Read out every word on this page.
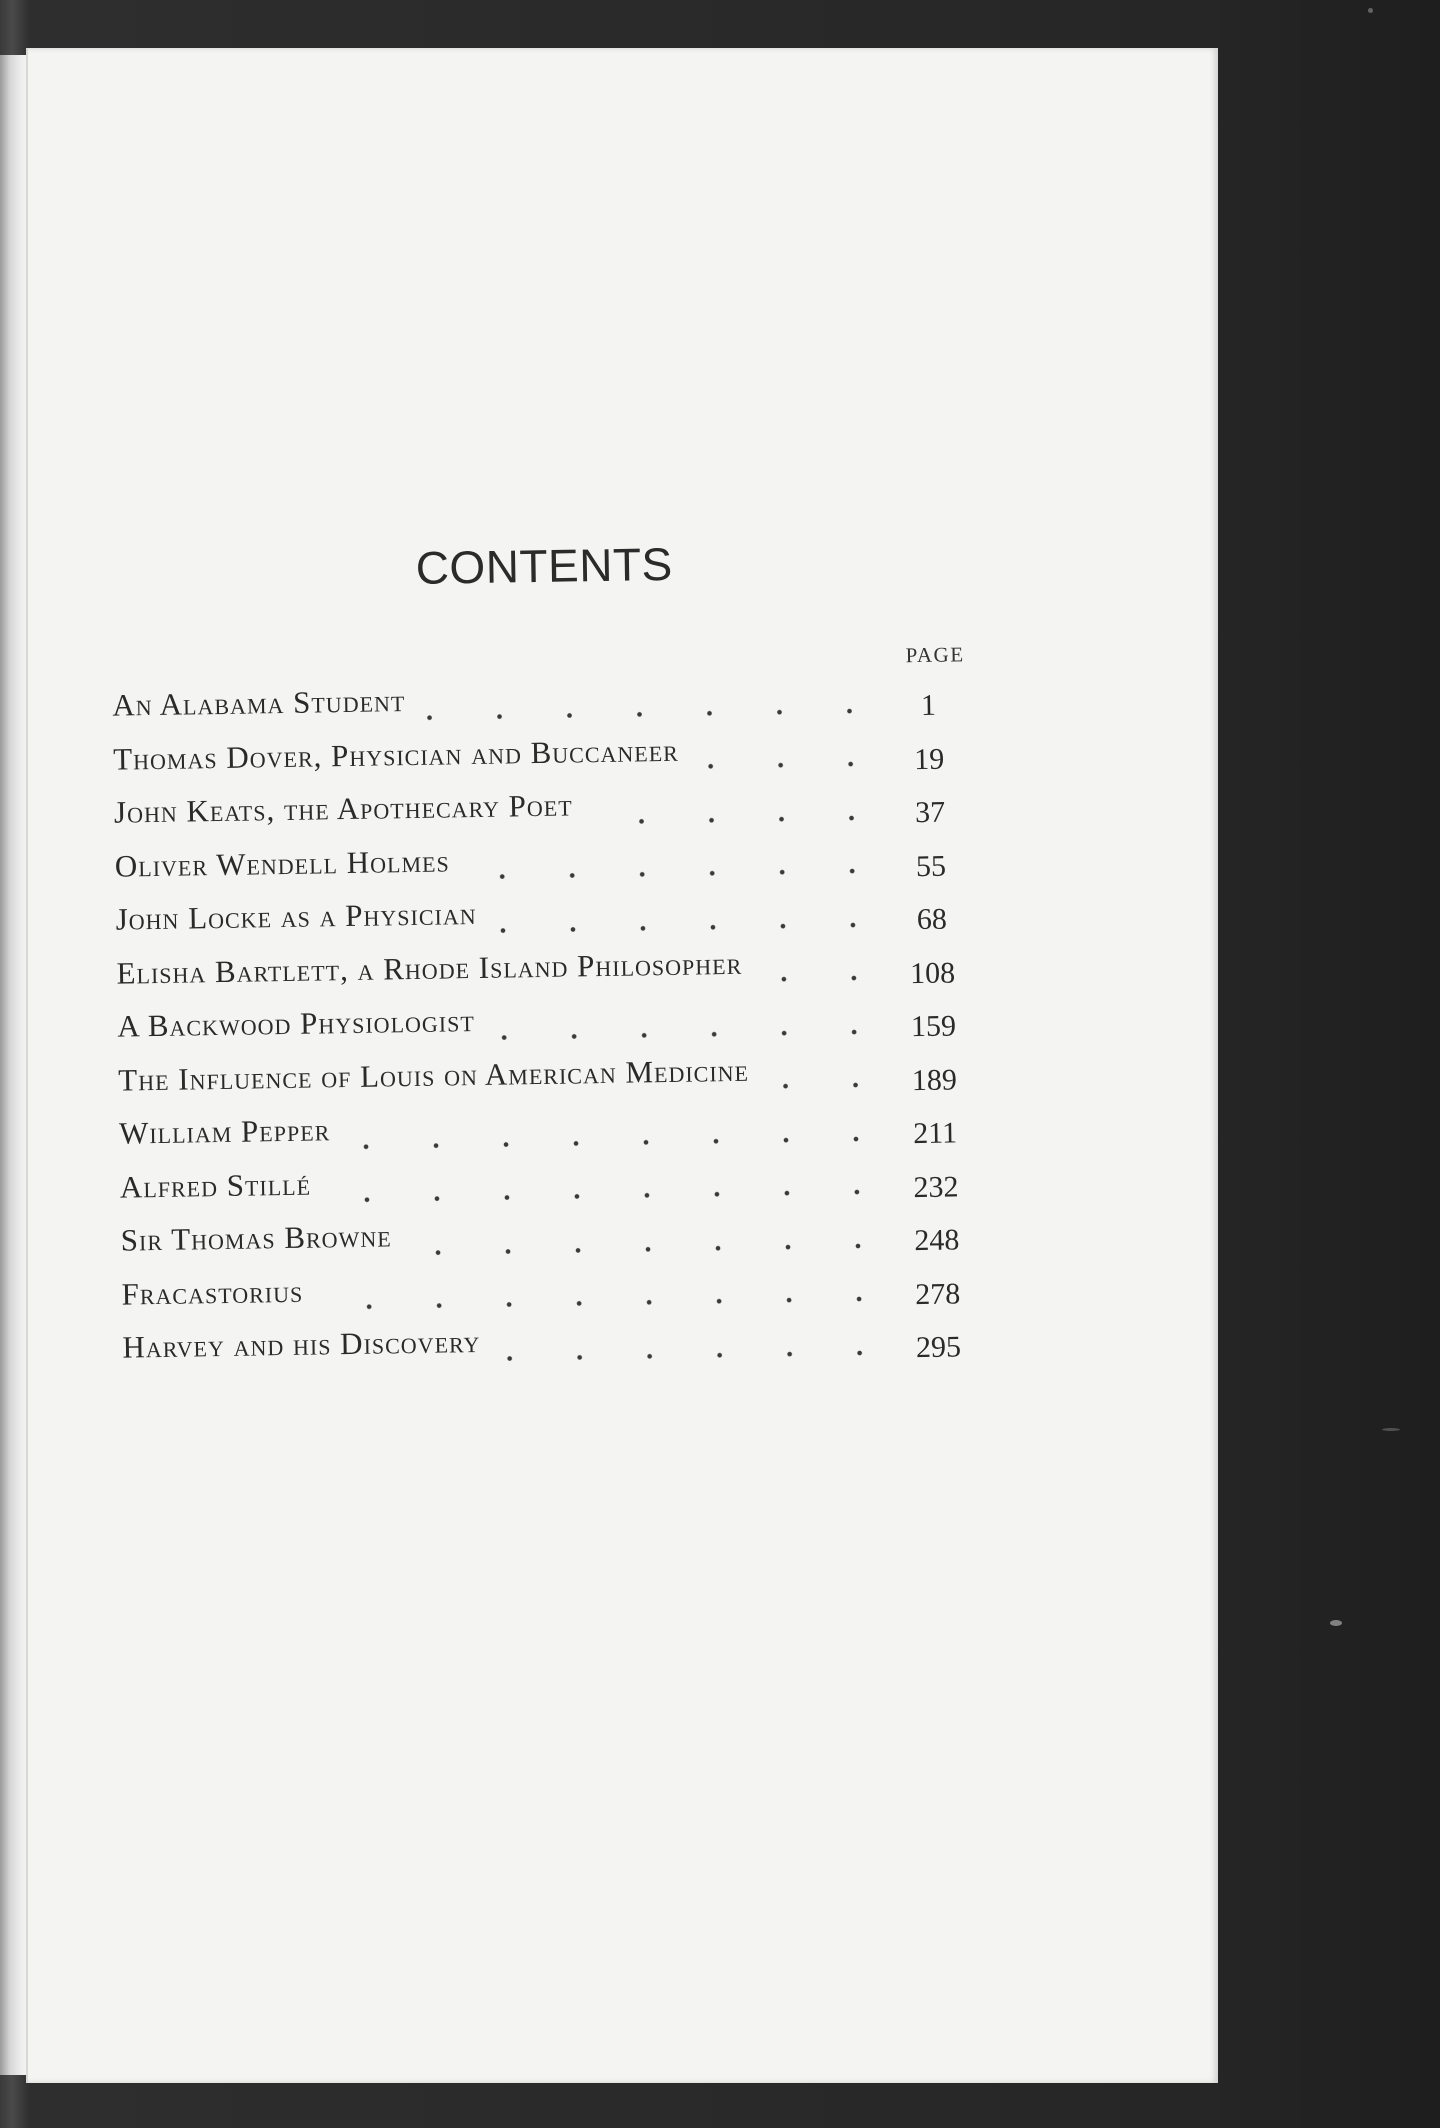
CONTENTS
PAGE
An Alabama Student	1
Thomas Dover, Physician and Buccaneer	19
John Keats, the Apothecary Poet	37
Oliver Wendell Holmes	55
John Locke as a Physician	68
Elisha Bartlett, a Rhode Island Philosopher	108
A Backwood Physiologist	159
The Influence of Louis on American Medicine	189
William Pepper	211
Alfred Stillé	232
Sir Thomas Browne	248
Fracastorius	278
Harvey and his Discovery	295
